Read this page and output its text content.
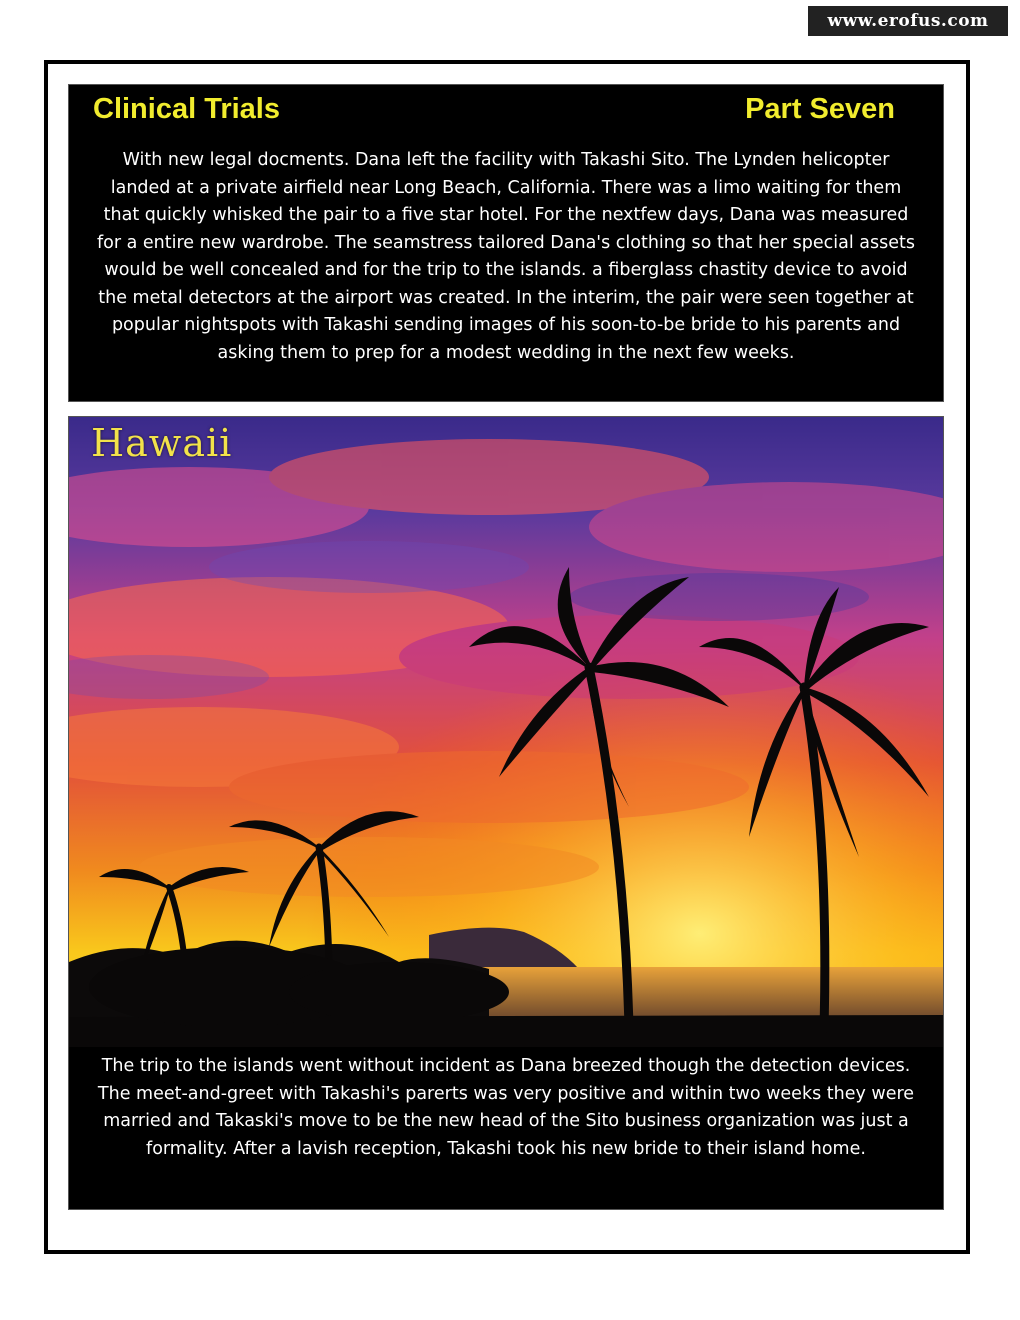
www.erofus.com
Clinical Trials	Part Seven

With new legal docments. Dana left the facility with Takashi Sito. The Lynden helicopter landed at a private airfield near Long Beach, California. There was a limo waiting for them that quickly whisked the pair to a five star hotel. For the nextfew days, Dana was measured for a entire new wardrobe. The seamstress tailored Dana's clothing so that her special assets would be well concealed and for the trip to the islands. a fiberglass chastity device to avoid the metal detectors at the airport was created. In the interim, the pair were seen together at popular nightspots with Takashi sending images of his soon-to-be bride to his parents and asking them to prep for a modest wedding in the next few weeks.

Hawaii

The trip to the islands went without incident as Dana breezed though the detection devices. The meet-and-greet with Takashi's parerts was very positive and within two weeks they were married and Takaski's move to be the new head of the Sito business organization was just a formality. After a lavish reception, Takashi took his new bride to their island home.
